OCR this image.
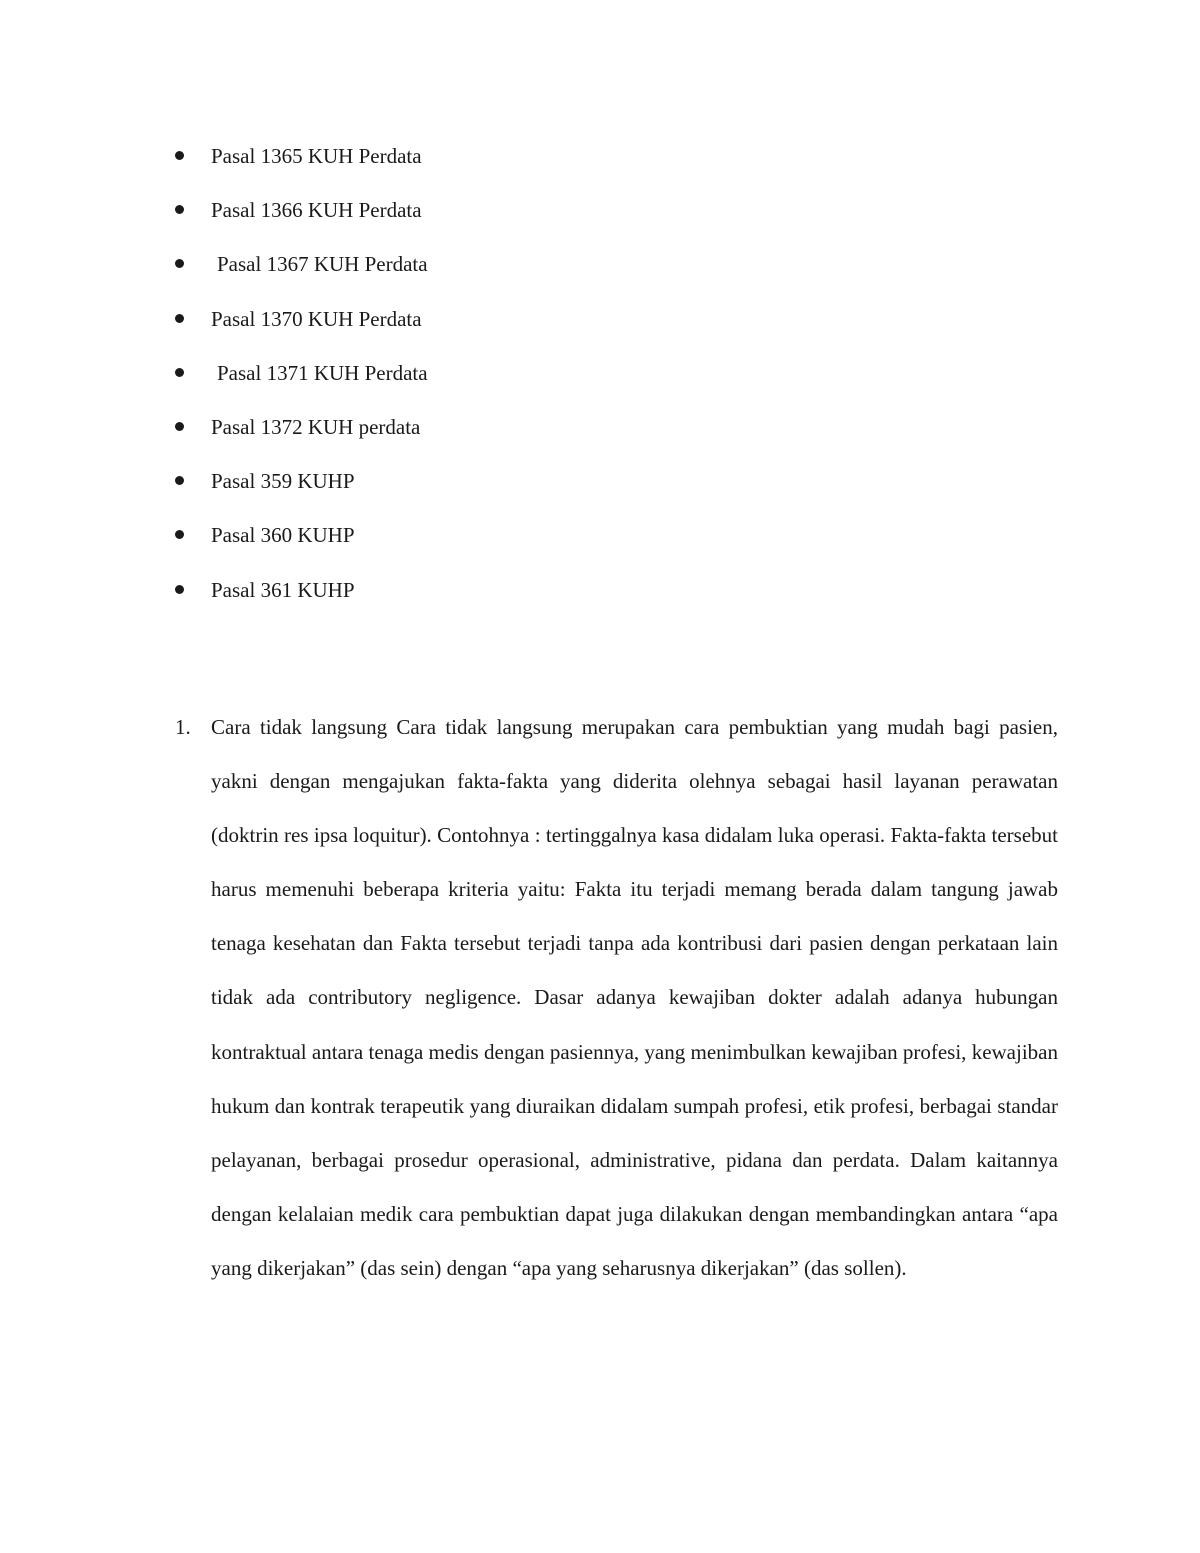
Pasal 1365 KUH Perdata
Pasal 1366 KUH Perdata
Pasal 1367 KUH Perdata
Pasal 1370 KUH Perdata
Pasal 1371 KUH Perdata
Pasal 1372 KUH perdata
Pasal 359 KUHP
Pasal 360 KUHP
Pasal 361 KUHP
1. Cara tidak langsung Cara tidak langsung merupakan cara pembuktian yang mudah bagi pasien, yakni dengan mengajukan fakta-fakta yang diderita olehnya sebagai hasil layanan perawatan (doktrin res ipsa loquitur). Contohnya : tertinggalnya kasa didalam luka operasi. Fakta-fakta tersebut harus memenuhi beberapa kriteria yaitu: Fakta itu terjadi memang berada dalam tangung jawab tenaga kesehatan dan Fakta tersebut terjadi tanpa ada kontribusi dari pasien dengan perkataan lain tidak ada contributory negligence. Dasar adanya kewajiban dokter adalah adanya hubungan kontraktual antara tenaga medis dengan pasiennya, yang menimbulkan kewajiban profesi, kewajiban hukum dan kontrak terapeutik yang diuraikan didalam sumpah profesi, etik profesi, berbagai standar pelayanan, berbagai prosedur operasional, administrative, pidana dan perdata. Dalam kaitannya dengan kelalaian medik cara pembuktian dapat juga dilakukan dengan membandingkan antara “apa yang dikerjakan” (das sein) dengan “apa yang seharusnya dikerjakan” (das sollen).
